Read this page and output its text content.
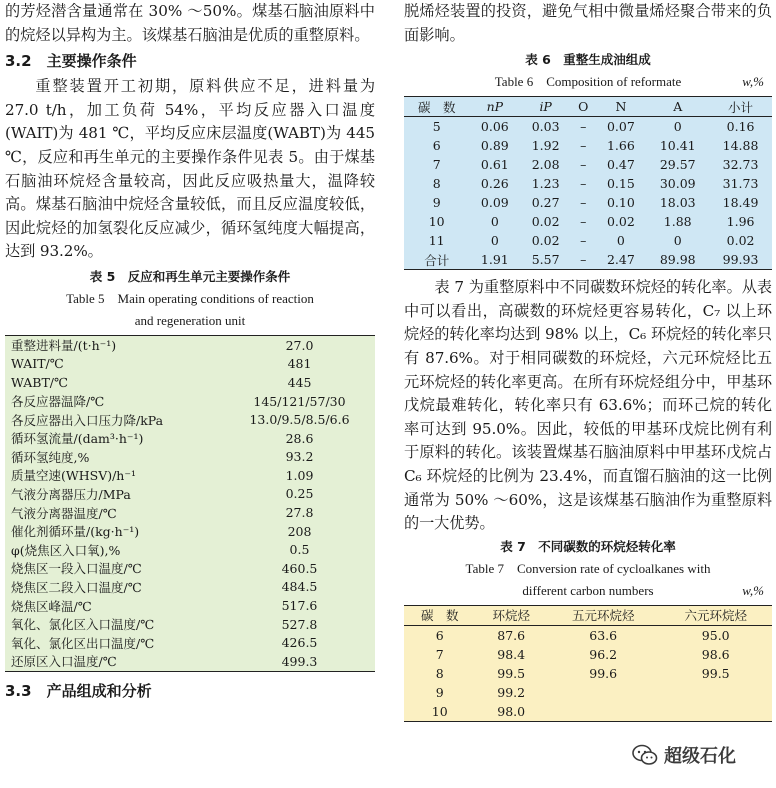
的芳烃潜含量通常在 30% ～50%。煤基石脑油原料中的烷烃以异构为主。该煤基石脑油是优质的重整原料。

3.2　主要操作条件

重整装置开工初期，原料供应不足，进料量为 27.0 t/h，加工负荷 54%，平均反应器入口温度(WAIT)为 481 ℃，平均反应床层温度(WABT)为 445 ℃，反应和再生单元的主要操作条件见表 5。由于煤基石脑油环烷烃含量较高，因此反应吸热量大，温降较高。煤基石脑油中烷烃含量较低，而且反应温度较低，因此烷烃的加氢裂化反应减少，循环氢纯度大幅提高，达到 93.2%。

表 5　反应和再生单元主要操作条件
Table 5　Main operating conditions of reaction
and regeneration unit
重整进料量/(t·h⁻¹)	27.0
WAIT/℃	481
WABT/℃	445
各反应器温降/℃	145/121/57/30
各反应器出入口压力降/kPa	13.0/9.5/8.5/6.6
循环氢流量/(dam³·h⁻¹)	28.6
循环氢纯度,%	93.2
质量空速(WHSV)/h⁻¹	1.09
气液分离器压力/MPa	0.25
气液分离器温度/℃	27.8
催化剂循环量/(kg·h⁻¹)	208
φ(烧焦区入口氧),%	0.5
烧焦区一段入口温度/℃	460.5
烧焦区二段入口温度/℃	484.5
烧焦区峰温/℃	517.6
氧化、氯化区入口温度/℃	527.8
氧化、氯化区出口温度/℃	426.5
还原区入口温度/℃	499.3
3.3　产品组成和分析

脱烯烃装置的投资，避免气相中微量烯烃聚合带来的负面影响。

表 6　重整生成油组成
Table 6　Composition of reformate	w,%
碳　数	nP	iP	O	N	A	小计
5	0.06	0.03	–	0.07	0	0.16
6	0.89	1.92	–	1.66	10.41	14.88
7	0.61	2.08	–	0.47	29.57	32.73
8	0.26	1.23	–	0.15	30.09	31.73
9	0.09	0.27	–	0.10	18.03	18.49
10	0	0.02	–	0.02	1.88	1.96
11	0	0.02	–	0	0	0.02
合计	1.91	5.57	–	2.47	89.98	99.93

表 7 为重整原料中不同碳数环烷烃的转化率。从表中可以看出，高碳数的环烷烃更容易转化，C₇ 以上环烷烃的转化率均达到 98% 以上，C₆ 环烷烃的转化率只有 87.6%。对于相同碳数的环烷烃，六元环烷烃比五元环烷烃的转化率更高。在所有环烷烃组分中，甲基环戊烷最难转化，转化率只有 63.6%；而环己烷的转化率可达到 95.0%。因此，较低的甲基环戊烷比例有利于原料的转化。该装置煤基石脑油原料中甲基环戊烷占 C₆ 环烷烃的比例为 23.4%，而直馏石脑油的这一比例通常为 50% ～60%，这是该煤基石脑油作为重整原料的一大优势。

表 7　不同碳数的环烷烃转化率
Table 7　Conversion rate of cycloalkanes with
different carbon numbers	w,%
碳　数	环烷烃	五元环烷烃	六元环烷烃
6	87.6	63.6	95.0
7	98.4	96.2	98.6
8	99.5	99.6	99.5
9	99.2		
10	98.0		
超级石化
